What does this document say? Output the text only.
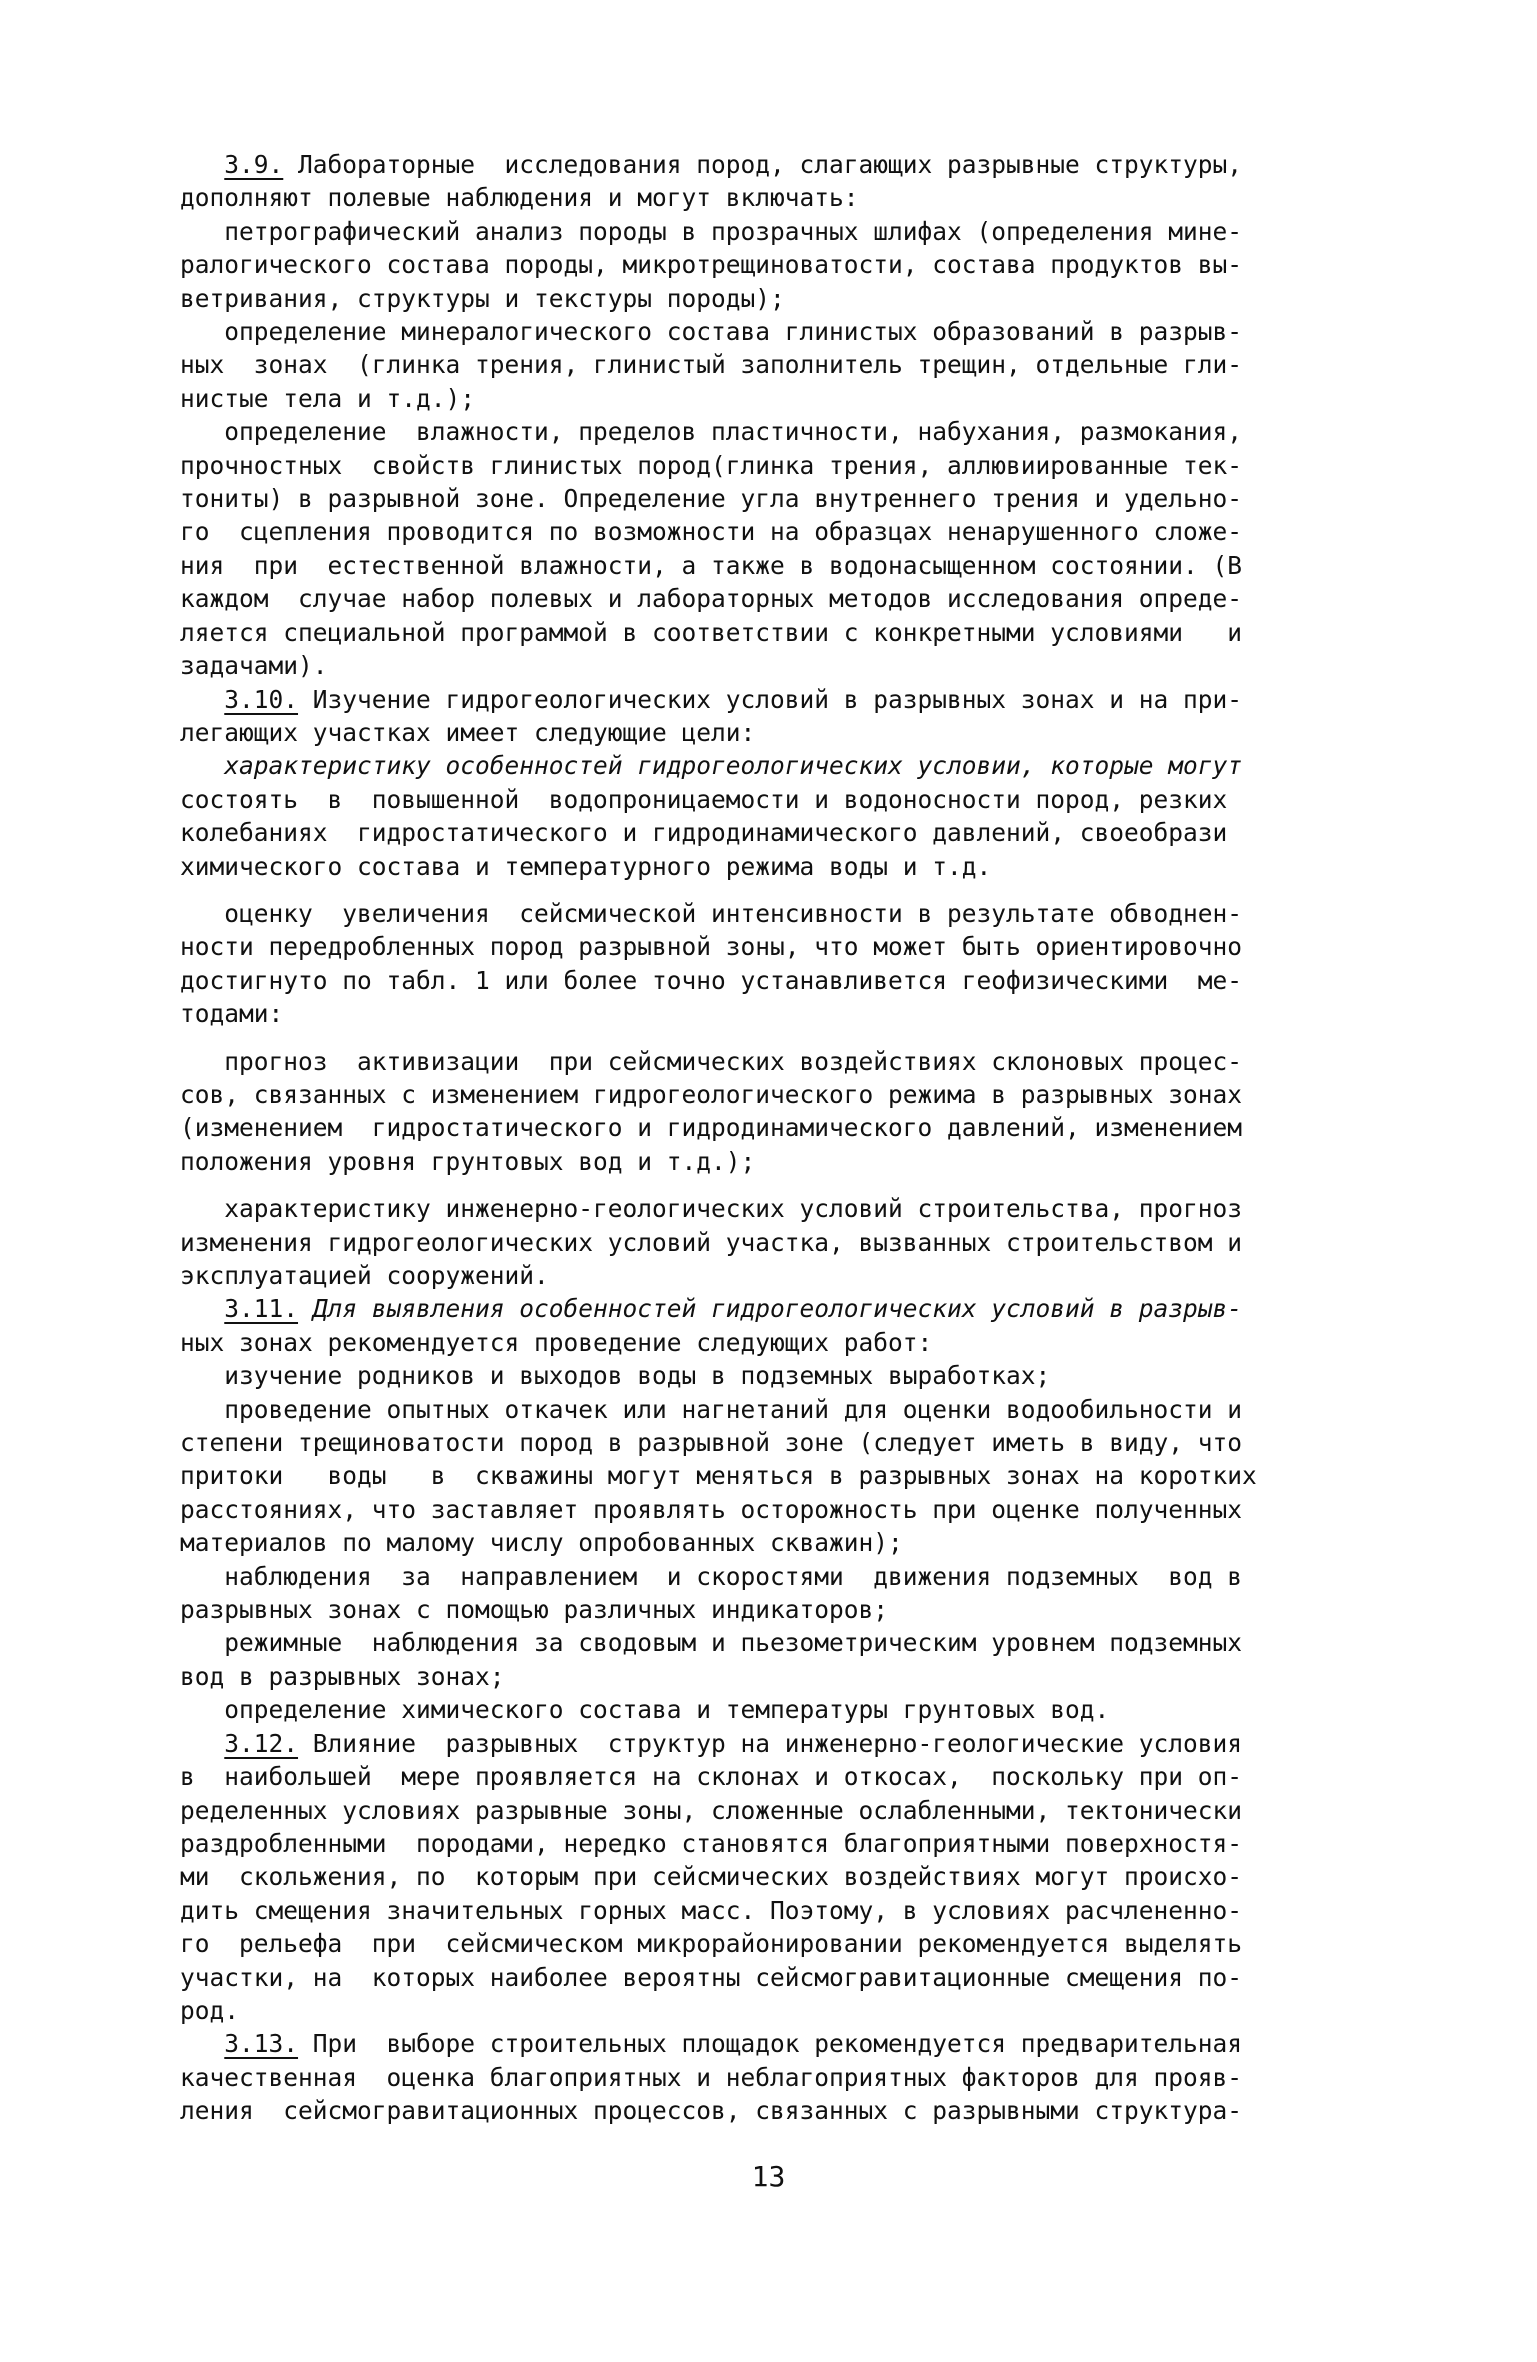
3.9. Лабораторные  исследования пород, слагающих разрывные структуры,
дополняют полевые наблюдения и могут включать:
петрографический анализ породы в прозрачных шлифах (определения мине-
ралогического состава породы, микротрещиноватости, состава продуктов вы-
ветривания, структуры и текстуры породы);
определение минералогического состава глинистых образований в разрыв-
ных  зонах  (глинка трения, глинистый заполнитель трещин, отдельные гли-
нистые тела и т.д.);
определение  влажности, пределов пластичности, набухания, размокания,
прочностных  свойств глинистых пород(глинка трения, аллювиированные тек-
тониты) в разрывной зоне. Определение угла внутреннего трения и удельно-
го  сцепления проводится по возможности на образцах ненарушенного сложе-
ния  при  естественной влажности, а также в водонасыщенном состоянии. (В
каждом  случае набор полевых и лабораторных методов исследования опреде-
ляется специальной программой в соответствии с конкретными условиями   и
задачами).
3.10. Изучение гидрогеологических условий в разрывных зонах и на при-
легающих участках имеет следующие цели:
характеристику особенностей гидрогеологических условии, которые могут
состоять  в  повышенной  водопроницаемости и водоносности пород, резких
колебаниях  гидростатического и гидродинамического давлений, своеобрази
химического состава и температурного режима воды и т.д.
оценку  увеличения  сейсмической интенсивности в результате обводнен-
ности передробленных пород разрывной зоны, что может быть ориентировочно
достигнуто по табл. 1 или более точно устанавливется геофизическими  ме-
тодами:
прогноз  активизации  при сейсмических воздействиях склоновых процес-
сов, связанных с изменением гидрогеологического режима в разрывных зонах
(изменением  гидростатического и гидродинамического давлений, изменением
положения уровня грунтовых вод и т.д.);
характеристику инженерно-геологических условий строительства, прогноз
изменения гидрогеологических условий участка, вызванных строительством и
эксплуатацией сооружений.
3.11. Для выявления особенностей гидрогеологических условий в разрыв-
ных зонах рекомендуется проведение следующих работ:
изучение родников и выходов воды в подземных выработках;
проведение опытных откачек или нагнетаний для оценки водообильности и
степени трещиноватости пород в разрывной зоне (следует иметь в виду, что
притоки   воды   в  скважины могут меняться в разрывных зонах на коротких
расстояниях, что заставляет проявлять осторожность при оценке полученных
материалов по малому числу опробованных скважин);
наблюдения  за  направлением  и скоростями  движения подземных  вод в
разрывных зонах с помощью различных индикаторов;
режимные  наблюдения за сводовым и пьезометрическим уровнем подземных
вод в разрывных зонах;
определение химического состава и температуры грунтовых вод.
3.12. Влияние  разрывных  структур на инженерно-геологические условия
в  наибольшей  мере проявляется на склонах и откосах,  поскольку при оп-
ределенных условиях разрывные зоны, сложенные ослабленными, тектонически
раздробленными  породами, нередко становятся благоприятными поверхностя-
ми  скольжения, по  которым при сейсмических воздействиях могут происхо-
дить смещения значительных горных масс. Поэтому, в условиях расчлененно-
го  рельефа  при  сейсмическом микрорайонировании рекомендуется выделять
участки, на  которых наиболее вероятны сейсмогравитационные смещения по-
род.
3.13. При  выборе строительных площадок рекомендуется предварительная
качественная  оценка благоприятных и неблагоприятных факторов для прояв-
ления  сейсмогравитационных процессов, связанных с разрывными структура-
13
